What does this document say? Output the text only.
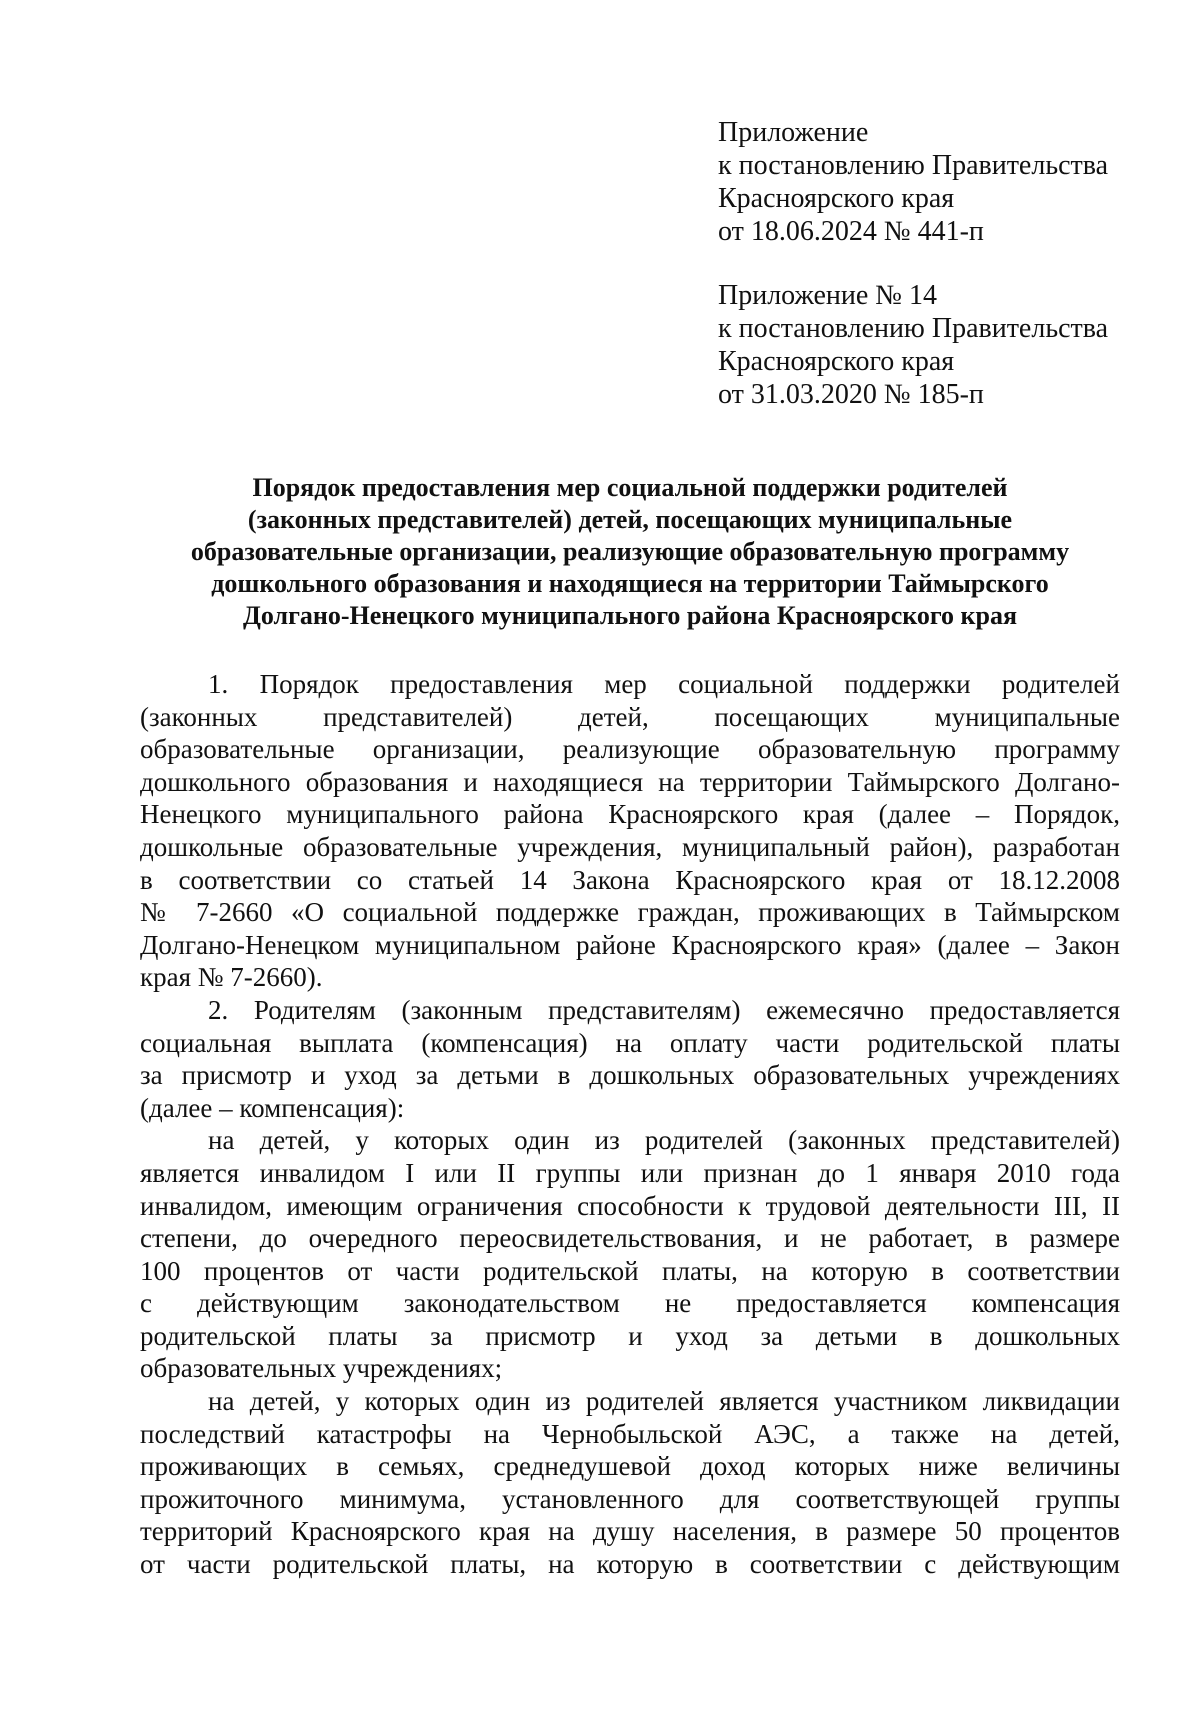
Приложение
к постановлению Правительства
Красноярского края
от 18.06.2024 № 441-п
Приложение № 14
к постановлению Правительства
Красноярского края
от 31.03.2020 № 185-п
Порядок предоставления мер социальной поддержки родителей
(законных представителей) детей, посещающих муниципальные
образовательные организации, реализующие образовательную программу
дошкольного образования и находящиеся на территории Таймырского
Долгано-Ненецкого муниципального района Красноярского края
1. Порядок предоставления мер социальной поддержки родителей
(законных представителей) детей, посещающих муниципальные
образовательные организации, реализующие образовательную программу
дошкольного образования и находящиеся на территории Таймырского Долгано-
Ненецкого муниципального района Красноярского края (далее – Порядок,
дошкольные образовательные учреждения, муниципальный район), разработан
в соответствии со статьей 14 Закона Красноярского края от 18.12.2008
№ 7-2660 «О социальной поддержке граждан, проживающих в Таймырском
Долгано-Ненецком муниципальном районе Красноярского края» (далее – Закон
края № 7-2660).
2. Родителям (законным представителям) ежемесячно предоставляется
социальная выплата (компенсация) на оплату части родительской платы
за присмотр и уход за детьми в дошкольных образовательных учреждениях
(далее – компенсация):
на детей, у которых один из родителей (законных представителей)
является инвалидом I или II группы или признан до 1 января 2010 года
инвалидом, имеющим ограничения способности к трудовой деятельности III, II
степени, до очередного переосвидетельствования, и не работает, в размере
100 процентов от части родительской платы, на которую в соответствии
с действующим законодательством не предоставляется компенсация
родительской платы за присмотр и уход за детьми в дошкольных
образовательных учреждениях;
на детей, у которых один из родителей является участником ликвидации
последствий катастрофы на Чернобыльской АЭС, а также на детей,
проживающих в семьях, среднедушевой доход которых ниже величины
прожиточного минимума, установленного для соответствующей группы
территорий Красноярского края на душу населения, в размере 50 процентов
от части родительской платы, на которую в соответствии с действующим
